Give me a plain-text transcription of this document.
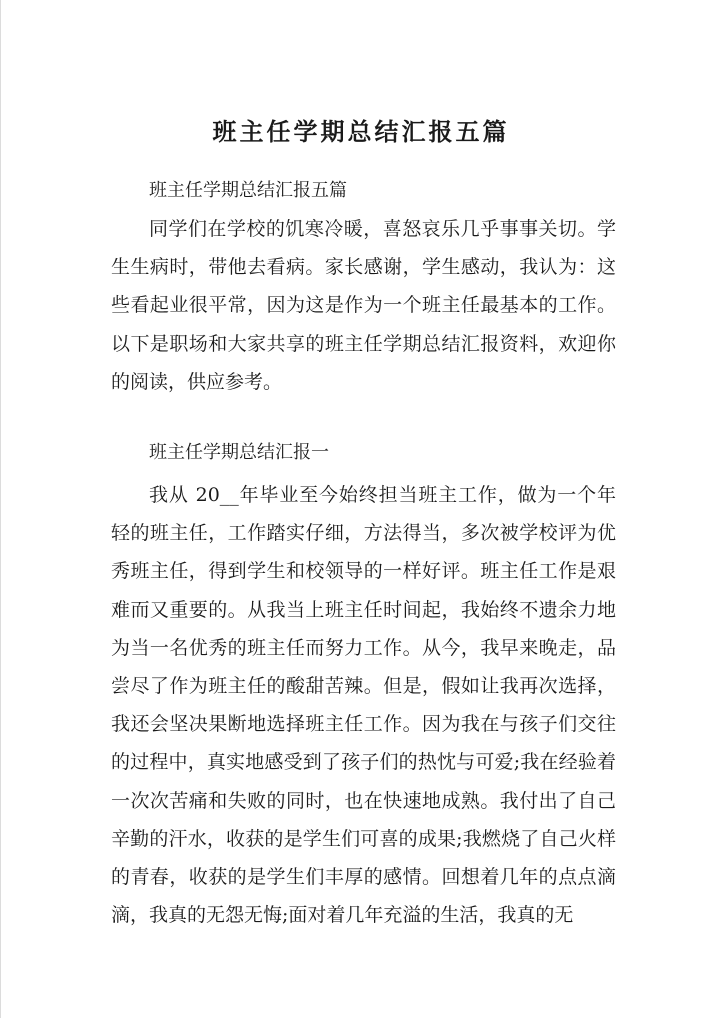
班主任学期总结汇报五篇

班主任学期总结汇报五篇

同学们在学校的饥寒冷暖，喜怒哀乐几乎事事关切。学生生病时，带他去看病。家长感谢，学生感动，我认为：这些看起业很平常，因为这是作为一个班主任最基本的工作。以下是职场和大家共享的班主任学期总结汇报资料，欢迎你的阅读，供应参考。

班主任学期总结汇报一

我从 20__年毕业至今始终担当班主工作，做为一个年轻的班主任，工作踏实仔细，方法得当，多次被学校评为优秀班主任，得到学生和校领导的一样好评。班主任工作是艰难而又重要的。从我当上班主任时间起，我始终不遗余力地为当一名优秀的班主任而努力工作。从今，我早来晚走，品尝尽了作为班主任的酸甜苦辣。但是，假如让我再次选择，我还会坚决果断地选择班主任工作。因为我在与孩子们交往的过程中，真实地感受到了孩子们的热忱与可爱;我在经验着一次次苦痛和失败的同时，也在快速地成熟。我付出了自己辛勤的汗水，收获的是学生们可喜的成果;我燃烧了自己火样的青春，收获的是学生们丰厚的感情。回想着几年的点点滴滴，我真的无怨无悔;面对着几年充溢的生活，我真的无
